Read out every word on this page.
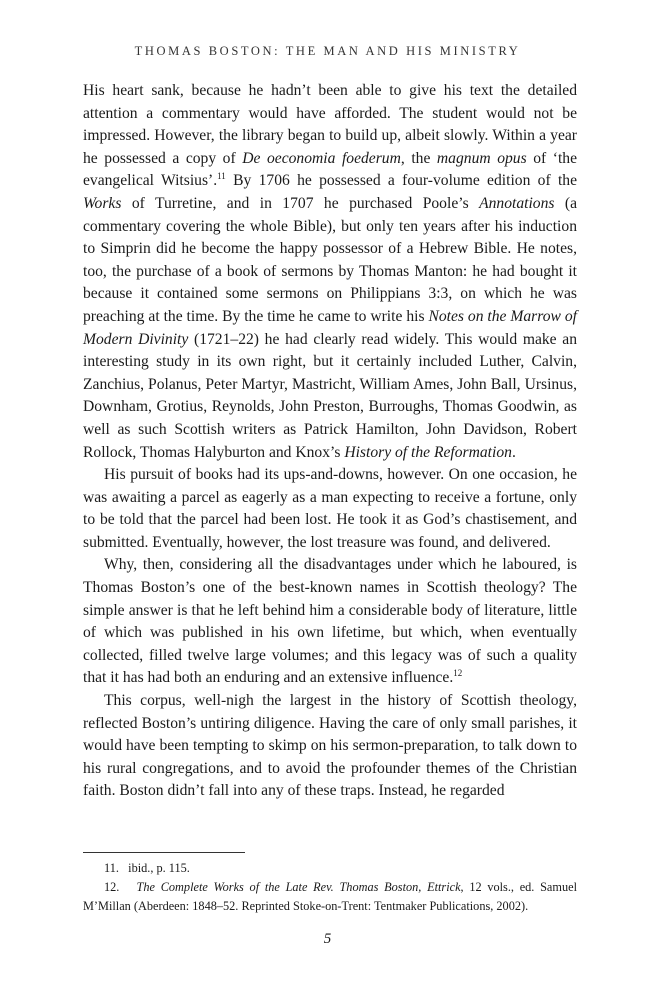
THOMAS BOSTON: THE MAN AND HIS MINISTRY

His heart sank, because he hadn’t been able to give his text the detailed attention a commentary would have afforded. The student would not be impressed. However, the library began to build up, albeit slowly. Within a year he possessed a copy of De oeconomia foederum, the magnum opus of ‘the evangelical Witsius’.$^{11}$ By 1706 he possessed a four-volume edition of the Works of Turretine, and in 1707 he purchased Poole’s Annotations (a commentary covering the whole Bible), but only ten years after his induction to Simprin did he become the happy possessor of a Hebrew Bible. He notes, too, the purchase of a book of sermons by Thomas Manton: he had bought it because it contained some sermons on Philippians 3:3, on which he was preaching at the time. By the time he came to write his Notes on the Marrow of Modern Divinity (1721–22) he had clearly read widely. This would make an interesting study in its own right, but it certainly included Luther, Calvin, Zanchius, Polanus, Peter Martyr, Mastricht, William Ames, John Ball, Ursinus, Downham, Grotius, Reynolds, John Preston, Burroughs, Thomas Goodwin, as well as such Scottish writers as Patrick Hamilton, John Davidson, Robert Rollock, Thomas Halyburton and Knox’s History of the Reformation.

His pursuit of books had its ups-and-downs, however. On one occasion, he was awaiting a parcel as eagerly as a man expecting to receive a fortune, only to be told that the parcel had been lost. He took it as God’s chastisement, and submitted. Eventually, however, the lost treasure was found, and delivered.

Why, then, considering all the disadvantages under which he laboured, is Thomas Boston’s one of the best-known names in Scottish theology? The simple answer is that he left behind him a considerable body of literature, little of which was published in his own lifetime, but which, when eventually collected, filled twelve large volumes; and this legacy was of such a quality that it has had both an enduring and an extensive influence.$^{12}$

This corpus, well-nigh the largest in the history of Scottish theology, reflected Boston’s untiring diligence. Having the care of only small parishes, it would have been tempting to skimp on his sermon-preparation, to talk down to his rural congregations, and to avoid the profounder themes of the Christian faith. Boston didn’t fall into any of these traps. Instead, he regarded

11. ibid., p. 115.

12. The Complete Works of the Late Rev. Thomas Boston, Ettrick, 12 vols., ed. Samuel M’Millan (Aberdeen: 1848–52. Reprinted Stoke-on-Trent: Tentmaker Publications, 2002).

5
